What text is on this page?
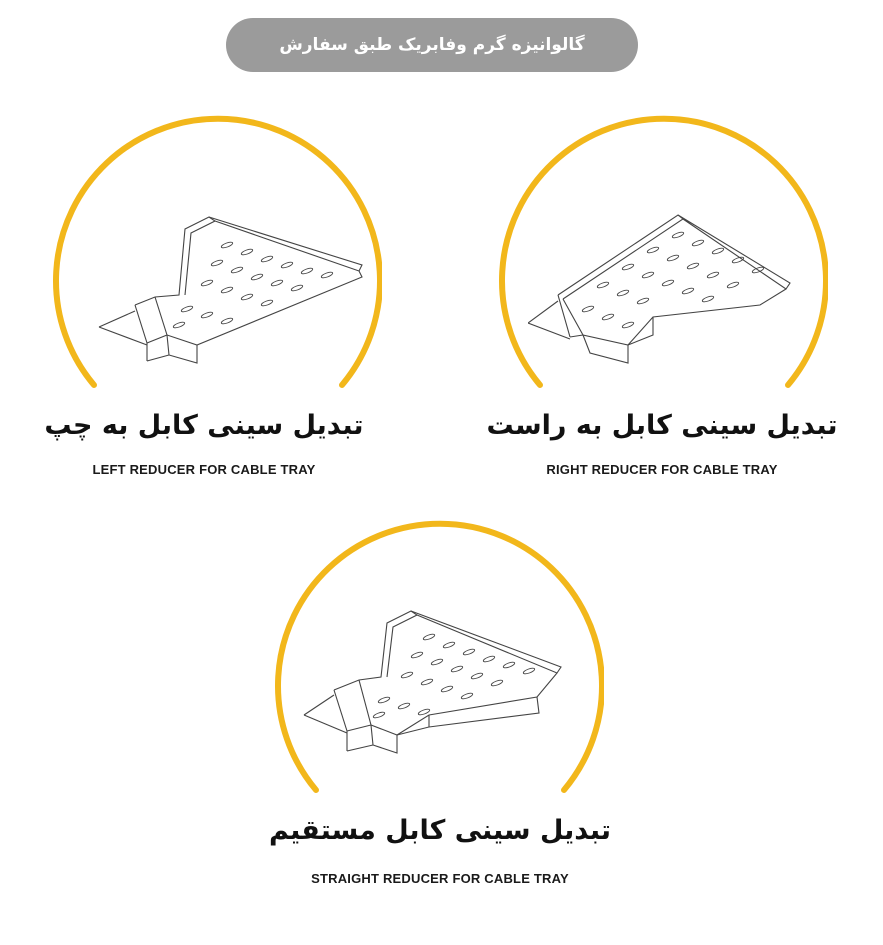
گالوانیزه گرم وفابریک طبق سفارش
تبدیل سینی کابل به چپ
LEFT REDUCER FOR CABLE TRAY
تبدیل سینی کابل به راست
RIGHT REDUCER FOR CABLE TRAY
تبدیل سینی کابل مستقیم
STRAIGHT REDUCER FOR CABLE TRAY
